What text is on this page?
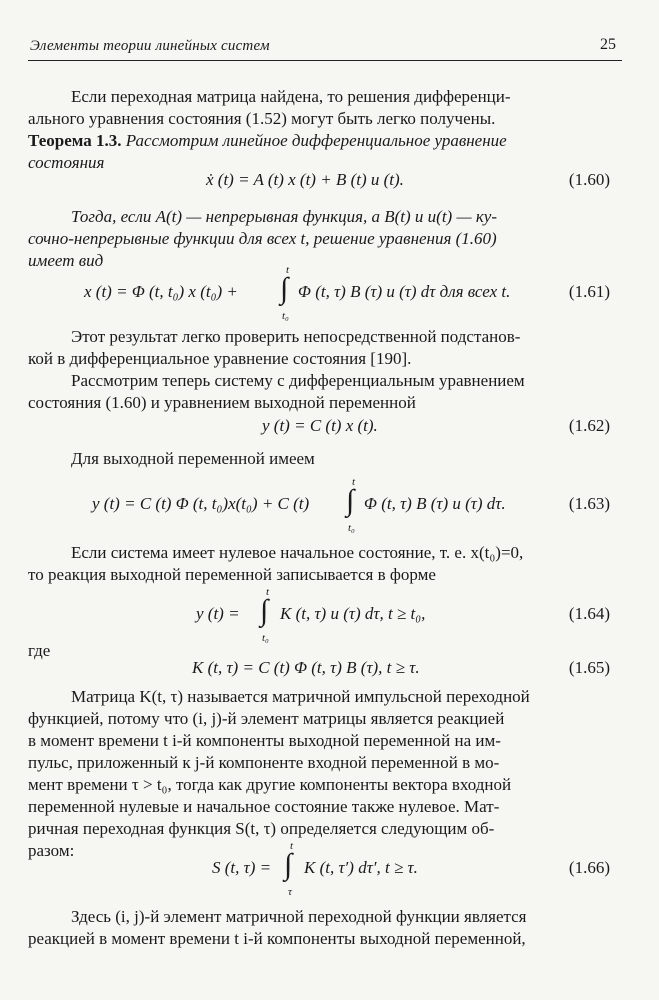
Элементы теории линейных систем	25
Если переходная матрица найдена, то решения дифференци-
ального уравнения состояния (1.52) могут быть легко получены.
Теорема 1.3. Рассмотрим линейное дифференциальное уравнение
состояния
ẋ (t) = A (t) x (t) + B (t) u (t).	(1.60)
Тогда, если A(t) — непрерывная функция, а B(t) и u(t) — ку-
сочно-непрерывные функции для всех t, решение уравнения (1.60)
имеет вид
x (t) = Φ (t, t₀) x (t₀) + ∫
t
t₀
Φ (t, τ) B (τ) u (τ) dτ для всех t.	(1.61)
Этот результат легко проверить непосредственной подстанов-
кой в дифференциальное уравнение состояния [190].
Рассмотрим теперь систему с дифференциальным уравнением
состояния (1.60) и уравнением выходной переменной
y (t) = C (t) x (t).	(1.62)
Для выходной переменной имеем
y (t) = C (t) Φ (t, t₀)x(t₀) + C (t) ∫
t
t₀
Φ (t, τ) B (τ) u (τ) dτ.	(1.63)
Если система имеет нулевое начальное состояние, т. е. x(t₀)=0,
то реакция выходной переменной записывается в форме
y (t) = ∫
t
t₀
K (t, τ) u (τ) dτ, t ≥ t₀,	(1.64)
где
K (t, τ) = C (t) Φ (t, τ) B (τ), t ≥ τ.	(1.65)
Матрица K(t, τ) называется матричной импульсной переходной
функцией, потому что (i, j)-й элемент матрицы является реакцией
в момент времени t i-й компоненты выходной переменной на им-
пульс, приложенный к j-й компоненте входной переменной в мо-
мент времени τ > t₀, тогда как другие компоненты вектора входной
переменной нулевые и начальное состояние также нулевое. Мат-
ричная переходная функция S(t, τ) определяется следующим об-
разом:
S (t, τ) = ∫
t
τ
K (t, τ′) dτ′, t ≥ τ.	(1.66)
Здесь (i, j)-й элемент матричной переходной функции является
реакцией в момент времени t i-й компоненты выходной переменной,
